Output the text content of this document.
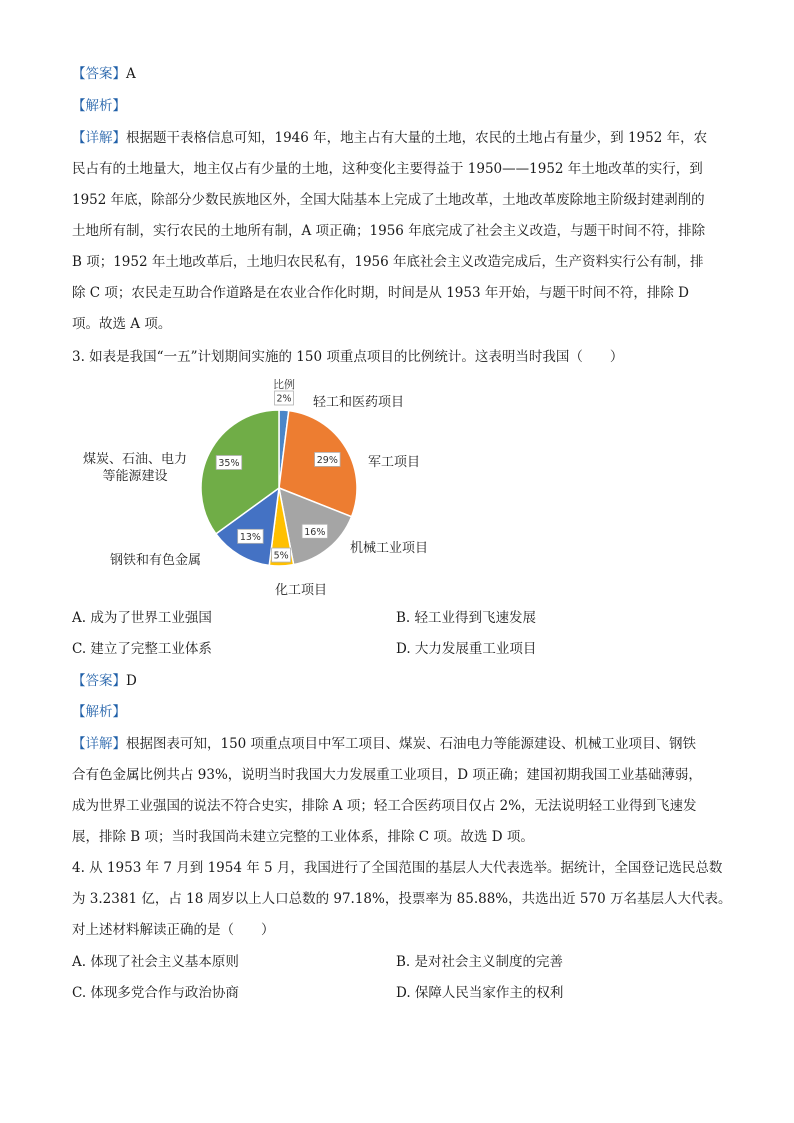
【答案】A
【解析】
【详解】根据题干表格信息可知，1946 年，地主占有大量的土地，农民的土地占有量少，到 1952 年，农
民占有的土地量大，地主仅占有少量的土地，这种变化主要得益于 1950——1952 年土地改革的实行，到
1952 年底，除部分少数民族地区外，全国大陆基本上完成了土地改革，土地改革废除地主阶级封建剥削的
土地所有制，实行农民的土地所有制，A 项正确；1956 年底完成了社会主义改造，与题干时间不符，排除
B 项；1952 年土地改革后，土地归农民私有，1956 年底社会主义改造完成后，生产资料实行公有制，排
除 C 项；农民走互助合作道路是在农业合作化时期，时间是从 1953 年开始，与题干时间不符，排除 D
项。故选 A 项。
3. 如表是我国“一五”计划期间实施的 150 项重点项目的比例统计。这表明当时我国（　　）
2%
29%
16%
5%
13%
35%
比例
轻工和医药项目
军工项目
机械工业项目
化工项目
钢铁和有色金属
煤炭、石油、电力
等能源建设
A. 成为了世界工业强国	B. 轻工业得到飞速发展
C. 建立了完整工业体系	D. 大力发展重工业项目
【答案】D
【解析】
【详解】根据图表可知，150 项重点项目中军工项目、煤炭、石油电力等能源建设、机械工业项目、钢铁
合有色金属比例共占 93%，说明当时我国大力发展重工业项目，D 项正确；建国初期我国工业基础薄弱，
成为世界工业强国的说法不符合史实，排除 A 项；轻工合医药项目仅占 2%，无法说明轻工业得到飞速发
展，排除 B 项；当时我国尚未建立完整的工业体系，排除 C 项。故选 D 项。
4. 从 1953 年 7 月到 1954 年 5 月，我国进行了全国范围的基层人大代表选举。据统计，全国登记选民总数
为 3.2381 亿，占 18 周岁以上人口总数的 97.18%，投票率为 85.88%，共选出近 570 万名基层人大代表。
对上述材料解读正确的是（　　）
A. 体现了社会主义基本原则	B. 是对社会主义制度的完善
C. 体现多党合作与政治协商	D. 保障人民当家作主的权利
